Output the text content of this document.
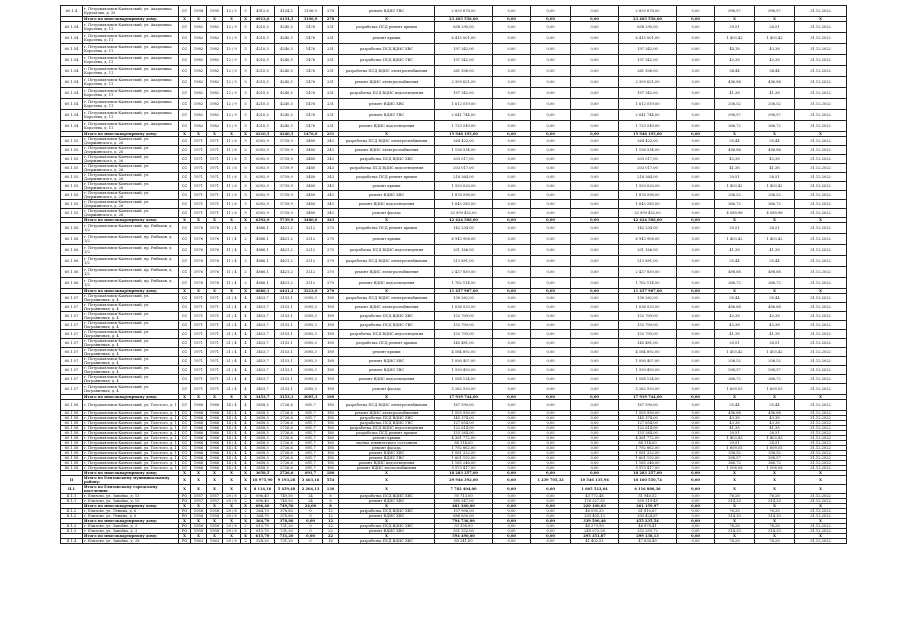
60.1.4	г. Петропавловск-Камчатский, ул. Академика Курчатова, д. 35	СС	1994	1995	12 / 5	5	4912,6	4154,5	3196,9	278	ремонт ВДИС ГВС	2 893 678,00	0,00	0,00	0,00	2 893 678,00	0,00	998,57	998,57	31.12.2022
	Итого по многоквартирному дому:	Х	Х	Х	Х	Х	4912,6	4154,5	3196,9	278	Х	23 465 556,00	0,00	0,00	0,00	23 465 556,00	0,00	Х	Х	Х
60.1.54	г. Петропавловск-Камчатский, ул. Академика Королева, д. 11	СС	1982	1982	12 / 9	5	4210,5	4240,5	1476	231	разработка ПСД ремонт крыши	638 290,00	0,00	0,00	0,00	638 290,00	0,00	29,51	28,51	31.12.2022
60.1.54	г. Петропавловск-Камчатский, ул. Академика Королева, д. 11	СС	1982	1982	12 / 9	5	4210,5	4240,5	1476	231	ремонт крыши	6 415 001,00	0,00	0,00	0,00	6 415 001,00	0,00	1 403,42	1 403,42	31.12.2022
60.1.54	г. Петропавловск-Камчатский, ул. Академика Королева, д. 11	СС	1982	1982	12 / 9	5	4210,5	4240,5	1476	231	разработка ПСД ВДИС ХВС	197 342,00	0,00	0,00	0,00	197 342,00	0,00	44,18	43,38	31.12.2022
60.1.54	г. Петропавловск-Камчатский, ул. Академика Королева, д. 11	СС	1982	1982	12 / 9	5	4210,5	4240,5	1476	231	разработка ПСД ВДИС ГВС	197 342,00	0,00	0,00	0,00	197 342,00	0,00	43,38	43,38	31.12.2022
60.1.54	г. Петропавловск-Камчатский, ул. Академика Королева, д. 11	СС	1982	1982	12 / 9	5	4210,5	4240,5	1476	231	разработка ПСД ВДИС электроснабжения	261 506,00	0,00	0,00	0,00	261 506,00	0,00	54,44	54,44	31.12.2022
60.1.54	г. Петропавловск-Камчатский, ул. Академика Королева, д. 11	СС	1982	1982	12 / 9	5	4210,5	4240,5	1476	231	ремонт ВДИС электроснабжения	2 309 621,00	0,00	0,00	0,00	2 309 621,00	0,00	496,88	496,88	31.12.2022
60.1.54	г. Петропавловск-Камчатский, ул. Академика Королева, д. 11	СС	1982	1982	12 / 9	5	4210,5	4240,5	1476	231	разработка ПСД ВДИС водоотведения	197 342,00	0,00	0,00	0,00	197 342,00	0,00	41,38	41,38	31.12.2022
60.1.54	г. Петропавловск-Камчатский, ул. Академика Королева, д. 11	СС	1982	1982	12 / 9	5	4210,5	4240,5	1476	231	ремонт ВДИС ХВС	1 612 019,00	0,00	0,00	0,00	1 612 019,00	0,00	336,52	336,52	31.12.2022
60.1.54	г. Петропавловск-Камчатский, ул. Академика Королева, д. 11	СС	1982	1982	12 / 9	5	4210,5	4240,5	1476	231	ремонт ВДИС ГВС	2 841 744,00	0,00	0,00	0,00	2 841 744,00	0,00	598,57	598,57	31.12.2022
60.1.54	г. Петропавловск-Камчатский, ул. Академика Королева, д. 11	СС	1982	1982	12 / 9	5	4210,5	4240,5	1476	231	ремонт ВДИС водоотведения	1 723 549,00	0,00	0,00	0,00	1 723 549,00	0,00	366,72	366,72	31.12.2022
	Итого по многоквартирному дому:	Х	Х	Х	Х	Х	4210,5	4240,5	1476,0	231	Х	15 948 195,00	0,00	0,00	0,00	15 948 195,00	0,00	Х	Х	Х
60.1.55	г. Петропавловск-Камчатский, ул. Дзержинского, д. 26	СС	1971	1971	11 / 6	5	6392,9	5739,9	3480	343	разработка ПСД ВДИС электроснабжения	264 422,00	0,00	0,00	0,00	264 422,00	0,00	35,44	35,44	31.12.2022
60.1.55	г. Петропавловск-Камчатский, ул. Дзержинского, д. 26	СС	1971	1971	11 / 6	5	6392,9	5739,9	3480	343	ремонт ВДИС электроснабжения	1 156 934,00	0,00	0,00	0,00	1 156 934,00	0,00	496,88	496,88	31.12.2022
60.1.55	г. Петропавловск-Камчатский, ул. Дзержинского, д. 26	СС	1971	1971	11 / 6	5	6392,9	5739,9	3480	343	разработка ПСД ВДИС ХВС	203 017,00	0,00	0,00	0,00	203 017,00	0,00	43,38	43,38	31.12.2022
60.1.55	г. Петропавловск-Камчатский, ул. Дзержинского, д. 26	СС	1971	1971	11 / 6	5	6392,9	5739,9	3480	343	разработка ПСД ВДИС водоотведения	203 017,00	0,00	0,00	0,00	203 017,00	0,00	41,38	41,38	31.12.2022
60.1.55	г. Петропавловск-Камчатский, ул. Дзержинского, д. 26	СС	1971	1971	11 / 6	5	6392,9	5739,9	3480	343	разработка ПСД ремонт крыши	218 364,00	0,00	0,00	0,00	218 364,00	0,00	29,51	28,51	31.12.2022
60.1.55	г. Петропавловск-Камчатский, ул. Дзержинского, д. 26	СС	1971	1971	11 / 6	5	6392,9	5739,9	3480	343	ремонт крыши	1 929 025,00	0,00	0,00	0,00	1 929 025,00	0,00	1 403,42	1 403,42	31.12.2022
60.1.55	г. Петропавловск-Камчатский, ул. Дзержинского, д. 26	СС	1971	1971	11 / 6	5	6392,9	5739,9	3480	343	ремонт ВДИС ХВС	1 876 598,00	0,00	0,00	0,00	1 876 598,00	0,00	336,52	336,52	31.12.2022
60.1.55	г. Петропавловск-Камчатский, ул. Дзержинского, д. 26	СС	1971	1971	11 / 6	5	6392,9	5739,9	3480	343	ремонт ВДИС водоотведения	1 643 285,00	0,00	0,00	0,00	1 643 285,00	0,00	366,72	366,72	31.12.2022
60.1.55	г. Петропавловск-Камчатский, ул. Дзержинского, д. 26	СС	1971	1971	11 / 6	5	6392,9	5739,9	3480	343	ремонт фасада	22 959 432,00	0,00	0,00	0,00	22 959 432,00	0,00	4 089,96	4 089,96	31.12.2022
	Итого по многоквартирному дому:	Х	Х	Х	Х	Х	6392,9	5739,9	3480,0	343	Х	42 424 586,00	0,00	0,00	0,00	42 424 586,00	0,00	Х	Х	Х
60.1.56	г. Петропавловск-Камчатский, пр. Рыбаков, д. 1/2	СС	1976	1976	11 / 4	2	4886,1	4421,2	3212	270	разработка ПСД ремонт крыши	142 234,00	0,00	0,00	0,00	142 234,00	0,00	29,51	28,51	31.12.2022
60.1.56	г. Петропавловск-Камчатский, пр. Рыбаков, д. 1/2	СС	1976	1976	11 / 4	2	4886,1	4421,2	3212	270	ремонт крыши	6 943 908,00	0,00	0,00	0,00	6 943 908,00	0,00	1 403,42	1 403,42	31.12.2022
60.1.56	г. Петропавловск-Камчатский, пр. Рыбаков, д. 1/2	СС	1976	1976	11 / 4	2	4886,1	4421,2	3212	270	разработка ПСД ВДИС водоотведения	201 166,00	0,00	0,00	0,00	201 166,00	0,00	41,38	41,38	31.12.2022
60.1.56	г. Петропавловск-Камчатский, пр. Рыбаков, д. 1/2	СС	1976	1976	11 / 4	2	4886,1	4421,2	3212	270	разработка ПСД ВДИС электроснабжения	213 891,00	0,00	0,00	0,00	213 891,00	0,00	35,44	35,44	31.12.2022
60.1.56	г. Петропавловск-Камчатский, пр. Рыбаков, д. 1/2	СС	1976	1976	11 / 4	2	4886,1	4421,2	3212	270	ремонт ВДИС электроснабжения	2 427 850,00	0,00	0,00	0,00	2 427 850,00	0,00	496,88	496,88	31.12.2022
60.1.56	г. Петропавловск-Камчатский, пр. Рыбаков, д. 1/2	СС	1976	1976	11 / 4	2	4886,1	4421,2	3212	270	ремонт ВДИС водоотведения	1 762 114,00	0,00	0,00	0,00	1 762 114,00	0,00	366,72	366,72	31.12.2022
	Итого по многоквартирному дому:	Х	Х	Х	Х	Х	4886,1	4421,2	3212,0	270	Х	11 457 987,00	0,00	0,00	0,00	11 457 987,00	0,00	Х	Х	Х
60.1.57	г. Петропавловск-Камчатский, ул. Пограничная, д. 4	СС	1971	1971	21 / 4	4	3453,7	3153,1	3095,3	189	разработка ПСД ВДИС электроснабжения	158 262,00	0,00	0,00	0,00	158 262,00	0,00	35,44	35,44	31.12.2022
60.1.57	г. Петропавловск-Камчатский, ул. Пограничная, д. 4	СС	1971	1971	21 / 4	4	3453,7	3153,1	3095,3	189	ремонт ВДИС электроснабжения	1 036 525,00	0,00	0,00	0,00	1 036 525,00	0,00	496,88	496,88	31.12.2022
60.1.57	г. Петропавловск-Камчатский, ул. Пограничная, д. 4	СС	1971	1971	21 / 4	4	3453,7	3153,1	3095,3	189	разработка ПСД ВДИС ХВС	152 709,00	0,00	0,00	0,00	152 709,00	0,00	43,38	43,38	31.12.2022
60.1.57	г. Петропавловск-Камчатский, ул. Пограничная, д. 4	СС	1971	1971	21 / 4	4	3453,7	3153,1	3095,3	189	разработка ПСД ВДИС ГВС	152 709,00	0,00	0,00	0,00	152 709,00	0,00	43,38	43,38	31.12.2022
60.1.57	г. Петропавловск-Камчатский, ул. Пограничная, д. 4	СС	1971	1971	21 / 4	4	3453,7	3153,1	3095,3	189	разработка ПСД ВДИС водоотведения	152 709,00	0,00	0,00	0,00	152 709,00	0,00	41,38	41,38	31.12.2022
60.1.57	г. Петропавловск-Камчатский, ул. Пограничная, д. 4	СС	1971	1971	21 / 4	4	3453,7	3153,1	3095,3	189	разработка ПСД ремонт крыши	145 481,00	0,00	0,00	0,00	145 481,00	0,00	29,51	28,51	31.12.2022
60.1.57	г. Петропавловск-Камчатский, ул. Пограничная, д. 4	СС	1971	1971	21 / 4	4	3453,7	3153,1	3095,3	189	ремонт крыши	4 584 892,00	0,00	0,00	0,00	4 584 892,00	0,00	1 403,42	1 403,42	31.12.2022
60.1.57	г. Петропавловск-Камчатский, ул. Пограничная, д. 4	СС	1971	1971	21 / 4	4	3453,7	3153,1	3095,3	189	ремонт ВДИС ХВС	1 090 407,00	0,00	0,00	0,00	1 090 407,00	0,00	336,52	336,52	31.12.2022
60.1.57	г. Петропавловск-Камчатский, ул. Пограничная, д. 4	СС	1971	1971	21 / 4	4	3453,7	3153,1	3095,3	189	ремонт ВДИС ГВС	1 939 450,00	0,00	0,00	0,00	1 939 450,00	0,00	598,57	598,57	31.12.2022
60.1.57	г. Петропавловск-Камчатский, ул. Пограничная, д. 4	СС	1971	1971	21 / 4	4	3453,7	3153,1	3095,3	189	ремонт ВДИС водоотведения	1 188 124,00	0,00	0,00	0,00	1 188 124,00	0,00	366,72	366,72	31.12.2022
60.1.57	г. Петропавловск-Камчатский, ул. Пограничная, д. 4	СС	1971	1971	21 / 4	4	3453,7	3153,1	3095,3	189	ремонт фасада	5 262 930,00	0,00	0,00	0,00	5 262 930,00	0,00	1 609,55	1 609,55	31.12.2022
	Итого по многоквартирному дому:	Х	Х	Х	Х	Х	3453,7	3153,1	3095,3	189	Х	17 919 744,00	0,00	0,00	0,00	17 919 744,00	0,00	Х	Х	Х
60.1.58	г. Петропавловск-Камчатский, ул. Толстого, д. 1	СС	1966	1966	14 / 4	4	3658,5	2726,6	691,7	180	разработка ПСД ВДИС электроснабжения	167 590,00	0,00	0,00	0,00	167 590,00	0,00	35,44	35,44	31.12.2022
60.1.58	г. Петропавловск-Камчатский, ул. Толстого, д. 1	СС	1966	1966	14 / 4	4	3658,5	2726,6	691,7	180	ремонт ВДИС электроснабжения	1 503 956,00	0,00	0,00	0,00	1 503 956,00	0,00	496,88	496,88	31.12.2022
60.1.58	г. Петропавловск-Камчатский, ул. Толстого, д. 1	СС	1966	1966	14 / 4	4	3658,5	2726,6	691,7	180	разработка ПСД ВДИС ХВС	145 374,00	0,00	0,00	0,00	145 374,00	0,00	43,38	43,38	31.12.2022
60.1.58	г. Петропавловск-Камчатский, ул. Толстого, д. 1	СС	1966	1966	14 / 4	4	3658,5	2726,6	691,7	180	разработка ПСД ВДИС ГВС	127 654,00	0,00	0,00	0,00	127 654,00	0,00	43,38	43,38	31.12.2022
60.1.58	г. Петропавловск-Камчатский, ул. Толстого, д. 1	СС	1966	1966	14 / 4	4	3658,5	2726,6	691,7	180	разработка ПСД ВДИС водоотведения	122 614,00	0,00	0,00	0,00	122 614,00	0,00	41,38	41,38	31.12.2022
60.1.58	г. Петропавловск-Камчатский, ул. Толстого, д. 1	СС	1966	1966	14 / 4	4	3658,5	2726,6	691,7	180	разработка ПСД ремонт крыши	153 264,00	0,00	0,00	0,00	153 264,00	0,00	29,51	28,51	31.12.2022
60.1.58	г. Петропавловск-Камчатский, ул. Толстого, д. 1	СС	1966	1966	14 / 4	4	3658,5	2726,6	691,7	180	ремонт крыши	4 361 772,00	0,00	0,00	0,00	4 361 772,00	0,00	1 403,42	1 403,42	31.12.2022
60.1.58	г. Петропавловск-Камчатский, ул. Толстого, д. 1	СС	1966	1966	14 / 4	4	3658,5	2726,6	691,7	180	оценка технического состояния	88 114,00	0,00	0,00	0,00	88 114,00	0,00	29,51	28,51	31.12.2022
60.1.58	г. Петропавловск-Камчатский, ул. Толстого, д. 1	СС	1966	1966	14 / 4	4	3658,5	2726,6	691,7	180	ремонт фасада	1 792 862,00	0,00	0,00	0,00	1 792 862,00	0,00	1 609,55	1 609,55	31.12.2022
60.1.58	г. Петропавловск-Камчатский, ул. Толстого, д. 1	СС	1966	1966	14 / 4	4	3658,5	2726,6	691,7	180	ремонт ВДИС ХВС	1 081 322,00	0,00	0,00	0,00	1 081 322,00	0,00	336,52	336,52	31.12.2022
60.1.58	г. Петропавловск-Камчатский, ул. Толстого, д. 1	СС	1966	1966	14 / 4	4	3658,5	2726,6	691,7	180	ремонт ВДИС ГВС	1 601 152,00	0,00	0,00	0,00	1 601 152,00	0,00	598,57	598,57	31.12.2022
60.1.58	г. Петропавловск-Камчатский, ул. Толстого, д. 1	СС	1966	1966	14 / 4	4	3658,5	2726,6	691,7	180	ремонт ВДИС водоотведения	1 165 246,00	0,00	0,00	0,00	1 165 246,00	0,00	366,72	366,72	31.12.2022
60.1.58	г. Петропавловск-Камчатский, ул. Толстого, д. 1	СС	1966	1966	14 / 4	4	3658,5	2726,6	691,7	180	ремонт ВДИС теплоснабжения	5 973 417,00	0,00	0,00	0,00	5 973 417,00	0,00	1 506,08	1 506,08	31.12.2022
	Итого по многоквартирному дому:	Х	Х	Х	Х	Х	3658,5	2726,6	691,7	180	Х	18 283 357,00	0,00	0,00	0,00	18 283 357,00	0,00	Х	Х	Х
II	Итого по Елизовскому муниципальному району:	Х	Х	Х	Х	Х	18 975,90	9 193,28	3 463,16	554	Х	29 946 392,00	0,00	1 239 705,32	10 546 135,94	18 160 550,74	0,00	Х	Х	Х
II.1	Итого по Елизовскому городскому поселению:	Х	Х	Х	Х	Х	8 114,16	5 459,48	2 204,13	136	Х	7 782 404,00	0,00	0,00	1 665 523,64	6 116 880,36	0,00	Х	Х	Х
II.1.1	г. Елизово, ул. Завойко, д. 15	РО	1957	1957	29 / 8	2	696,40	749,50	24	8	разработка ПСД ВДИС ХВС	95 713,00	0,00	0,00	43 772,48	51 940,52	0,00	76,28	76,28	31.12.2022
II.1.1	г. Елизово, ул. Завойко, д. 15	РО	1957	1957	29 / 8	2	696,40	749,50	24	8	ремонт ВДИС ХВС	385 547,00	0,00	0,00	176 327,55	209 219,45	0,00	514,33	514,33	31.12.2022
	Итого по многоквартирному дому:	Х	Х	Х	Х	Х	696,40	749,50	24,00	8	Х	481 260,00	0,00	0,00	220 100,03	261 159,97	0,00	Х	Х	Х
II.1.2	г. Елизово, ул. Ленина, д. 6	РО	1958	1958	29 / 8	2	364,70	378,80	0	12	разработка ПСД ВДИС ХВС	107 906,00	0,00	0,00	46 095,33	61 810,67	0,00	76,28	76,28	31.12.2022
II.1.2	г. Елизово, ул. Ленина, д. 6	РО	1958	1958	29 / 8	2	364,70	378,80	0	12	ремонт ВДИС ХВС	686 830,00	0,00	0,00	293 405,13	393 424,87	0,00	514,33	514,33	31.12.2022
	Итого по многоквартирному дому:	Х	Х	Х	Х	Х	364,70	378,80	0,00	12	Х	794 736,00	0,00	0,00	339 500,46	455 235,54	0,00	Х	Х	Х
II.1.3	г. Елизово, ул. Завойко, д. 3	РО	1958	1958	29 / 8	2	615,70	731,20	0	22	разработка ПСД ВДИС ХВС	93 158,00	0,00	0,00	46 279,59	46 878,41	0,00	76,28	76,28	31.12.2022
II.1.3	г. Елизово, ул. Завойко, д. 3	РО	1958	1958	29 / 8	2	615,70	731,20	0	22	ремонт ВДИС ХВС	501 332,00	0,00	0,00	249 072,28	252 259,72	0,00	514,33	514,33	31.12.2022
	Итого по многоквартирному дому:	Х	Х	Х	Х	Х	615,70	731,20	0,00	22	Х	594 490,00	0,00	0,00	295 351,87	299 138,13	0,00	Х	Х	Х
II.1.4	г. Елизово, ул. Завойко, д. 28	РО	1963	1963	29 / 8	2	528,20	731,20	0	16	разработка ПСД ВДИС ХВС	89 241,00	0,00	0,00	41 402,51	47 838,49	0,00	76,28	76,28	31.12.2022
